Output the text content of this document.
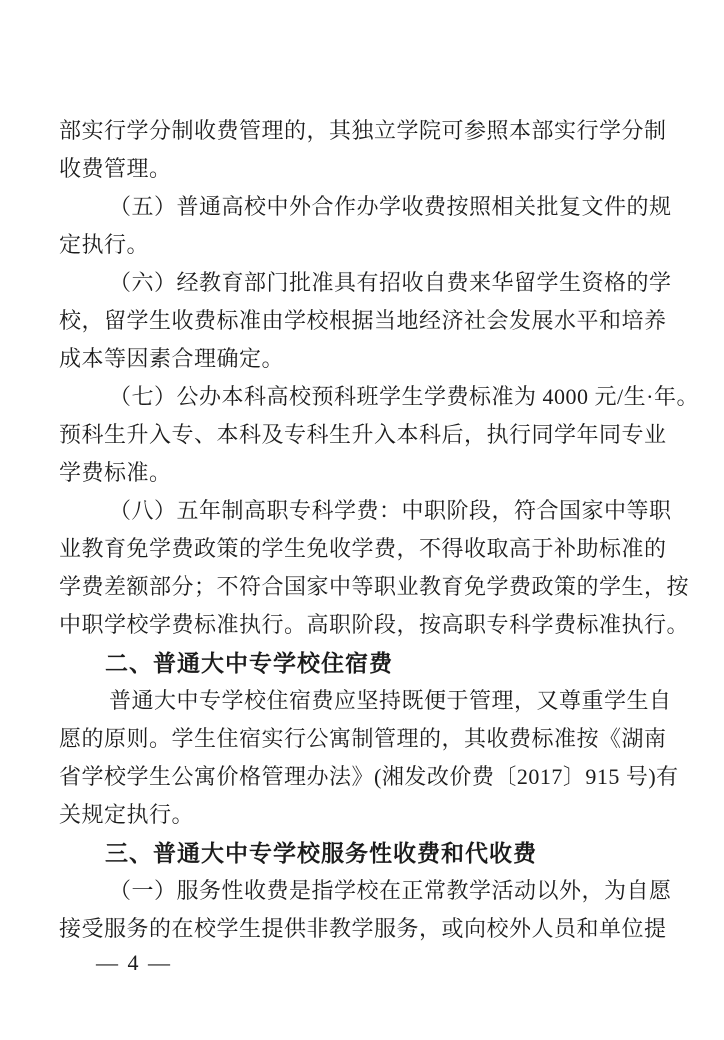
部实行学分制收费管理的，其独立学院可参照本部实行学分制
收费管理。
（五）普通高校中外合作办学收费按照相关批复文件的规
定执行。
（六）经教育部门批准具有招收自费来华留学生资格的学
校，留学生收费标准由学校根据当地经济社会发展水平和培养
成本等因素合理确定。
（七）公办本科高校预科班学生学费标准为 4000 元/生·年。
预科生升入专、本科及专科生升入本科后，执行同学年同专业
学费标准。
（八）五年制高职专科学费：中职阶段，符合国家中等职
业教育免学费政策的学生免收学费，不得收取高于补助标准的
学费差额部分；不符合国家中等职业教育免学费政策的学生，按
中职学校学费标准执行。高职阶段，按高职专科学费标准执行。
二、普通大中专学校住宿费
普通大中专学校住宿费应坚持既便于管理，又尊重学生自
愿的原则。学生住宿实行公寓制管理的，其收费标准按《湖南
省学校学生公寓价格管理办法》(湘发改价费〔2017〕915 号)有
关规定执行。
三、普通大中专学校服务性收费和代收费
（一）服务性收费是指学校在正常教学活动以外，为自愿
接受服务的在校学生提供非教学服务，或向校外人员和单位提
— 4 —
